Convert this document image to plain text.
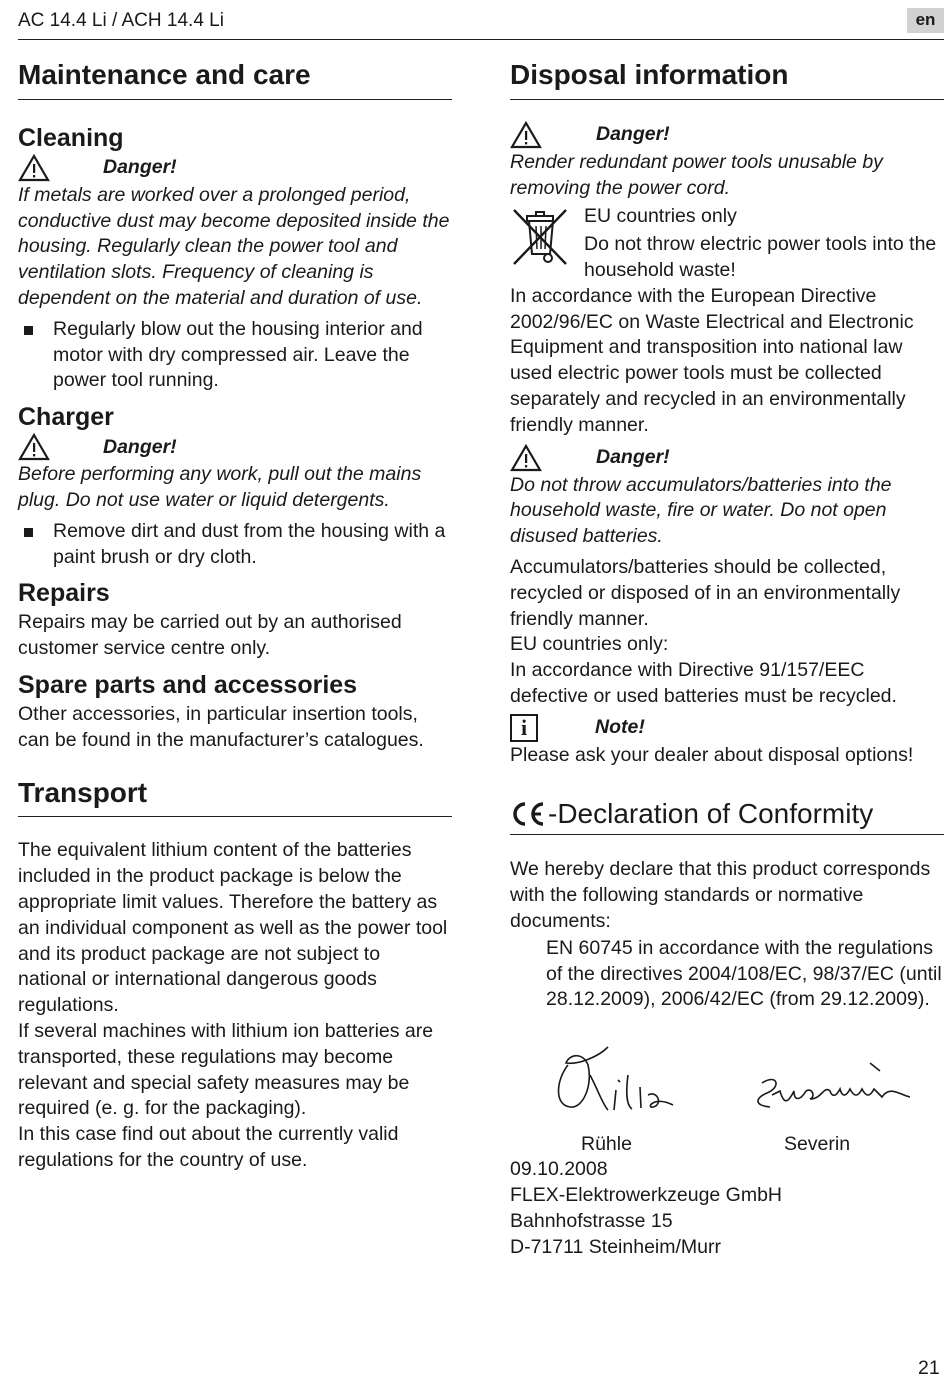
AC 14.4 Li / ACH 14.4 Li	en
Maintenance and care
Cleaning
Danger!

If metals are worked over a prolonged period, conductive dust may become deposited inside the housing. Regularly clean the power tool and ventilation slots. Frequency of cleaning is dependent on the material and duration of use.

Regularly blow out the housing interior and motor with dry compressed air. Leave the power tool running.

Charger
Danger!

Before performing any work, pull out the mains plug. Do not use water or liquid detergents.

Remove dirt and dust from the housing with a paint brush or dry cloth.

Repairs

Repairs may be carried out by an authorised customer service centre only.

Spare parts and accessories

Other accessories, in particular insertion tools, can be found in the manufacturer’s catalogues.

Transport

The equivalent lithium content of the batteries included in the product package is below the appropriate limit values. Therefore the battery as an individual component as well as the power tool and its product package are not subject to national or international dangerous goods regulations.

If several machines with lithium ion batteries are transported, these regulations may become relevant and special safety measures may be required (e. g. for the packaging).

In this case find out about the currently valid regulations for the country of use.

Disposal information
Danger!

Render redundant power tools unusable by removing the power cord.

EU countries only

Do not throw electric power tools into the household waste!

In accordance with the European Directive 2002/96/EC on Waste Electrical and Electronic Equipment and transposition into national law used electric power tools must be collected separately and recycled in an environmentally friendly manner.

Danger!

Do not throw accumulators/batteries into the household waste, fire or water. Do not open disused batteries.

Accumulators/batteries should be collected, recycled or disposed of in an environmentally friendly manner.

EU countries only:

In accordance with Directive 91/157/EEC defective or used batteries must be recycled.

i	Note!

Please ask your dealer about disposal options!

-Declaration of Conformity

We hereby declare that this product corresponds with the following standards or normative documents:

EN 60745 in accordance with the regulations of the directives 2004/108/EC, 98/37/EC (until 28.12.2009), 2006/42/EC (from 29.12.2009).

Rühle	Severin

09.10.2008

FLEX-Elektrowerkzeuge GmbH

Bahnhofstrasse 15

D-71711 Steinheim/Murr

21
